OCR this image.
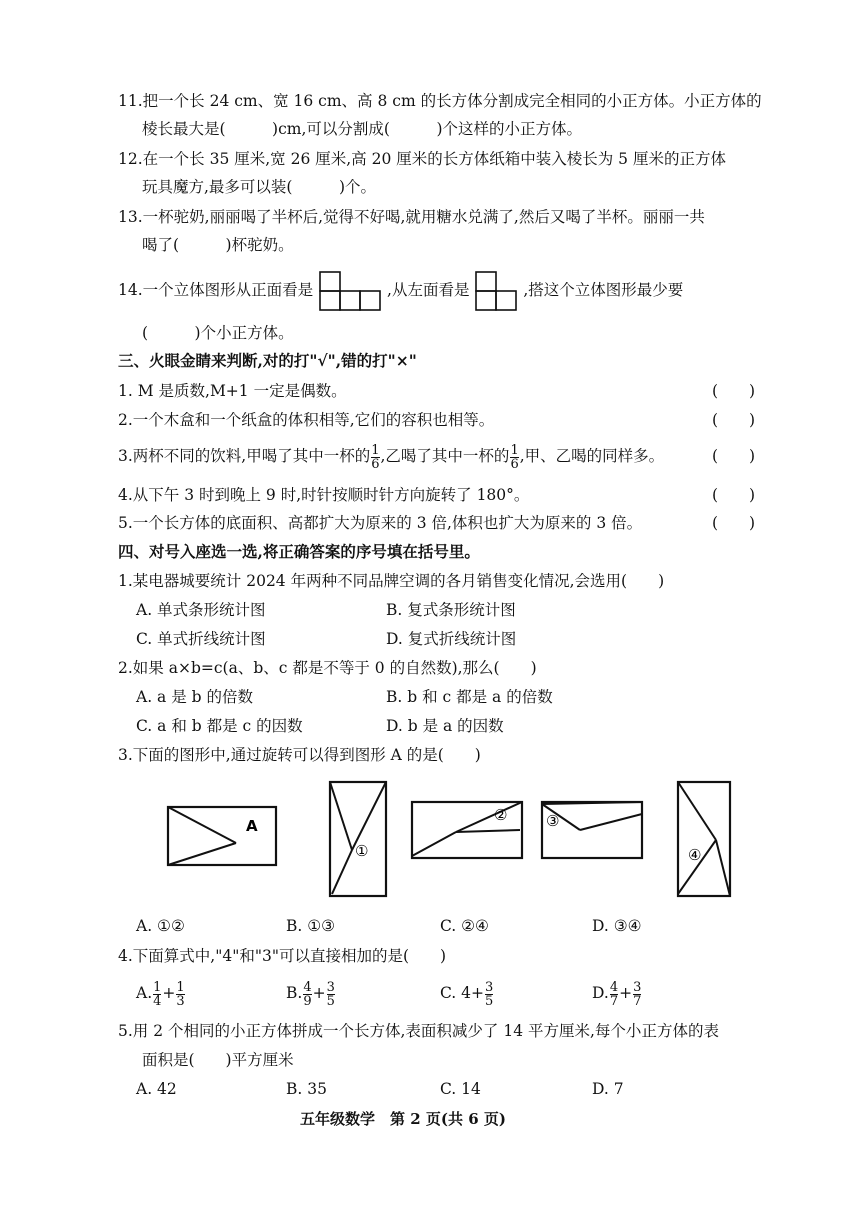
11.把一个长 24 cm、宽 16 cm、高 8 cm 的长方体分割成完全相同的小正方体。小正方体的
棱长最大是(　　　)cm,可以分割成(　　　)个这样的小正方体。
12.在一个长 35 厘米,宽 26 厘米,高 20 厘米的长方体纸箱中装入棱长为 5 厘米的正方体
玩具魔方,最多可以装(　　　)个。
13.一杯驼奶,丽丽喝了半杯后,觉得不好喝,就用糖水兑满了,然后又喝了半杯。丽丽一共
喝了(　　　)杯驼奶。
14.一个立体图形从正面看是	,从左面看是	,搭这个立体图形最少要
(　　　)个小正方体。
三、火眼金睛来判断,对的打"√",错的打"×"
1. M 是质数,M+1 一定是偶数。	(　　)
2.一个木盒和一个纸盒的体积相等,它们的容积也相等。	(　　)
3.两杯不同的饮料,甲喝了其中一杯的 $\frac{1}{6}$ ,乙喝了其中一杯的 $\frac{1}{6}$ ,甲、乙喝的同样多。	(　　)
4.从下午 3 时到晚上 9 时,时针按顺时针方向旋转了 180°。	(　　)
5.一个长方体的底面积、高都扩大为原来的 3 倍,体积也扩大为原来的 3 倍。	(　　)
四、对号入座选一选,将正确答案的序号填在括号里。
1.某电器城要统计 2024 年两种不同品牌空调的各月销售变化情况,会选用(　　)
A. 单式条形统计图	B. 复式条形统计图
C. 单式折线统计图	D. 复式折线统计图
2.如果 a×b=c(a、b、c 都是不等于 0 的自然数),那么(　　)
A. a 是 b 的倍数	B. b 和 c 都是 a 的倍数
C. a 和 b 都是 c 的因数	D. b 是 a 的因数
3.下面的图形中,通过旋转可以得到图形 A 的是(　　)
A
①
②	③
④
A. ①②	B. ①③	C. ②④	D. ③④
4.下面算式中,"4"和"3"可以直接相加的是(　　)
A. $\frac{1}{4} + \frac{1}{3}$	B. $\frac{4}{9} + \frac{3}{5}$	C. $4+ \frac{3}{5}$	D. $\frac{4}{7} + \frac{3}{7}$
5.用 2 个相同的小正方体拼成一个长方体,表面积减少了 14 平方厘米,每个小正方体的表
面积是(　　)平方厘米
A. 42	B. 35	C. 14	D. 7
五年级数学　第 2 页(共 6 页)
